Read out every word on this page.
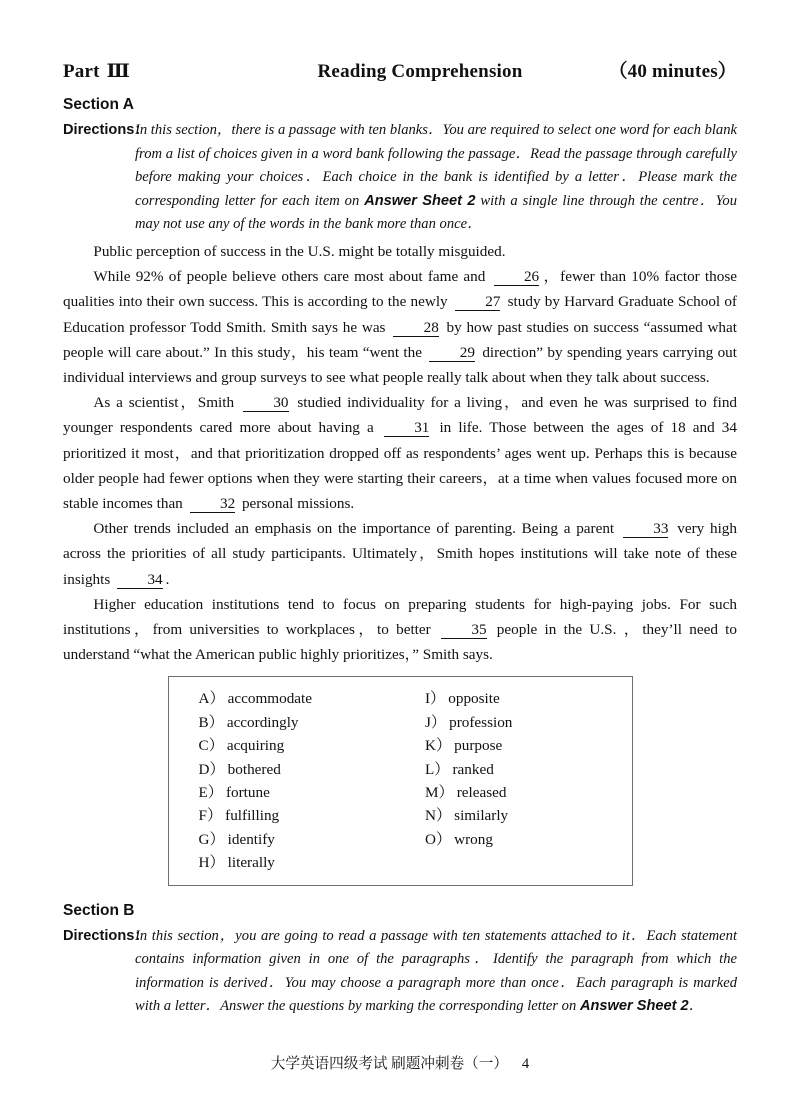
Part Ⅲ	Reading Comprehension	（40 minutes）
Section A
Directions：
In this section，there is a passage with ten blanks．You are required to select one word for each blank from a list of choices given in a word bank following the passage．Read the passage through carefully before making your choices．Each choice in the bank is identified by a letter．Please mark the corresponding letter for each item on Answer Sheet 2 with a single line through the centre．You may not use any of the words in the bank more than once．

Public perception of success in the U.S. might be totally misguided.

While 92% of people believe others care most about fame and 26 ，fewer than 10% factor those qualities into their own success. This is according to the newly 27 study by Harvard Graduate School of Education professor Todd Smith. Smith says he was 28 by how past studies on success “assumed what people will care about.” In this study，his team “went the 29 direction” by spending years carrying out individual interviews and group surveys to see what people really talk about when they talk about success.

As a scientist，Smith 30 studied individuality for a living，and even he was surprised to find younger respondents cared more about having a 31 in life. Those between the ages of 18 and 34 prioritized it most，and that prioritization dropped off as respondents’ ages went up. Perhaps this is because older people had fewer options when they were starting their careers，at a time when values focused more on stable incomes than 32 personal missions.

Other trends included an emphasis on the importance of parenting. Being a parent 33 very high across the priorities of all study participants. Ultimately，Smith hopes institutions will take note of these insights 34 .

Higher education institutions tend to focus on preparing students for high-paying jobs. For such institutions，from universities to workplaces，to better 35 people in the U.S. ，they’ll need to understand “what the American public highly prioritizes，” Smith says.

A） accommodate
B） accordingly
C） acquiring
D） bothered
E） fortune
F） fulfilling
G） identify
H） literally
I） opposite
J） profession
K） purpose
L） ranked
M） released
N） similarly
O） wrong
Section B
Directions：
In this section，you are going to read a passage with ten statements attached to it．Each statement contains information given in one of the paragraphs．Identify the paragraph from which the information is derived．You may choose a paragraph more than once．Each paragraph is marked with a letter．Answer the questions by marking the corresponding letter on Answer Sheet 2．
大学英语四级考试 刷题冲刺卷（一） 4
